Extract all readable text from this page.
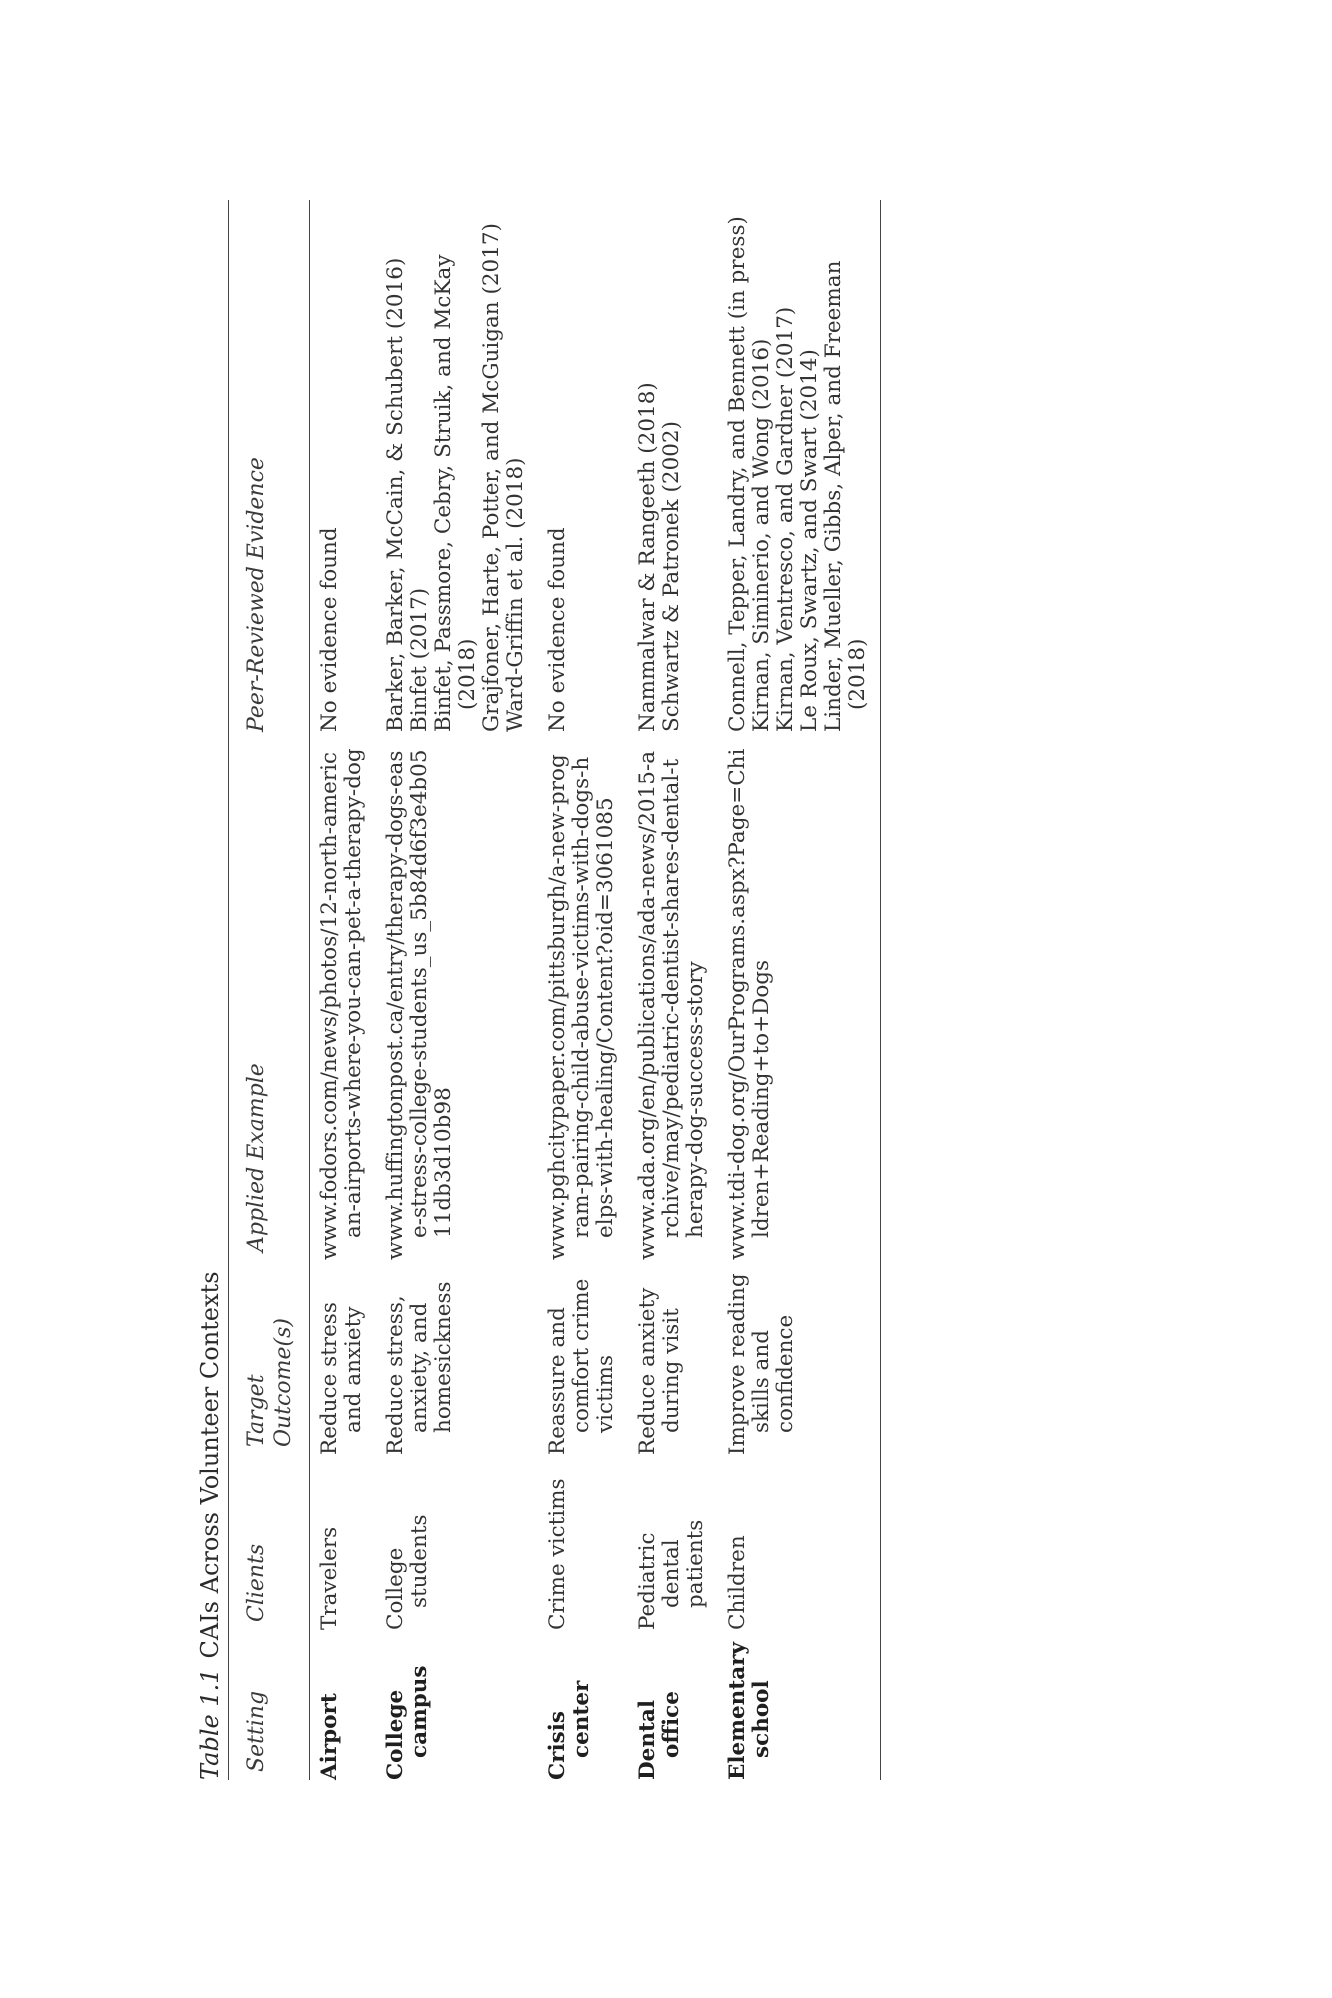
Table 1.1CAIs Across Volunteer Contexts
Setting	Clients	Target Outcome(s)	Applied Example	Peer-Reviewed Evidence
Airport	Travelers	Reduce stress and anxiety	www.fodors.com/news/photos/12-north-american-airports-where-you-can-pet-a-therapy-dog	No evidence found

College campus	College students	Reduce stress, anxiety, and homesickness	www.huffingtonpost.ca/entry/therapy-dogs-ease-stress-college-students_us_5b84d6f3e4b0511db3d10b98	Barker, Barker, McCain, & Schubert (2016) Binfet (2017) Binfet, Passmore, Cebry, Struik, and McKay (2018) Grajfoner, Harte, Potter, and McGuigan (2017) Ward-Griffin et al. (2018)

Crisis center	Crime victims	Reassure and comfort crime victims	www.pghcitypaper.com/pittsburgh/a-new-program-pairing-child-abuse-victims-with-dogs-helps-with-healing/Content?oid=3061085	No evidence found

Dental office	Pediatric dental patients	Reduce anxiety during visit	www.ada.org/en/publications/ada-news/2015-archive/may/pediatric-dentist-shares-dental-therapy-dog-success-story	Nammalwar & Rangeeth (2018) Schwartz & Patronek (2002)

Elementary school	Children	Improve reading skills and confidence	www.tdi-dog.org/OurPrograms.aspx?Page=Children+Reading+to+Dogs	Connell, Tepper, Landry, and Bennett (in press) Kirnan, Siminerio, and Wong (2016) Kirnan, Ventresco, and Gardner (2017) Le Roux, Swartz, and Swart (2014) Linder, Mueller, Gibbs, Alper, and Freeman (2018)
